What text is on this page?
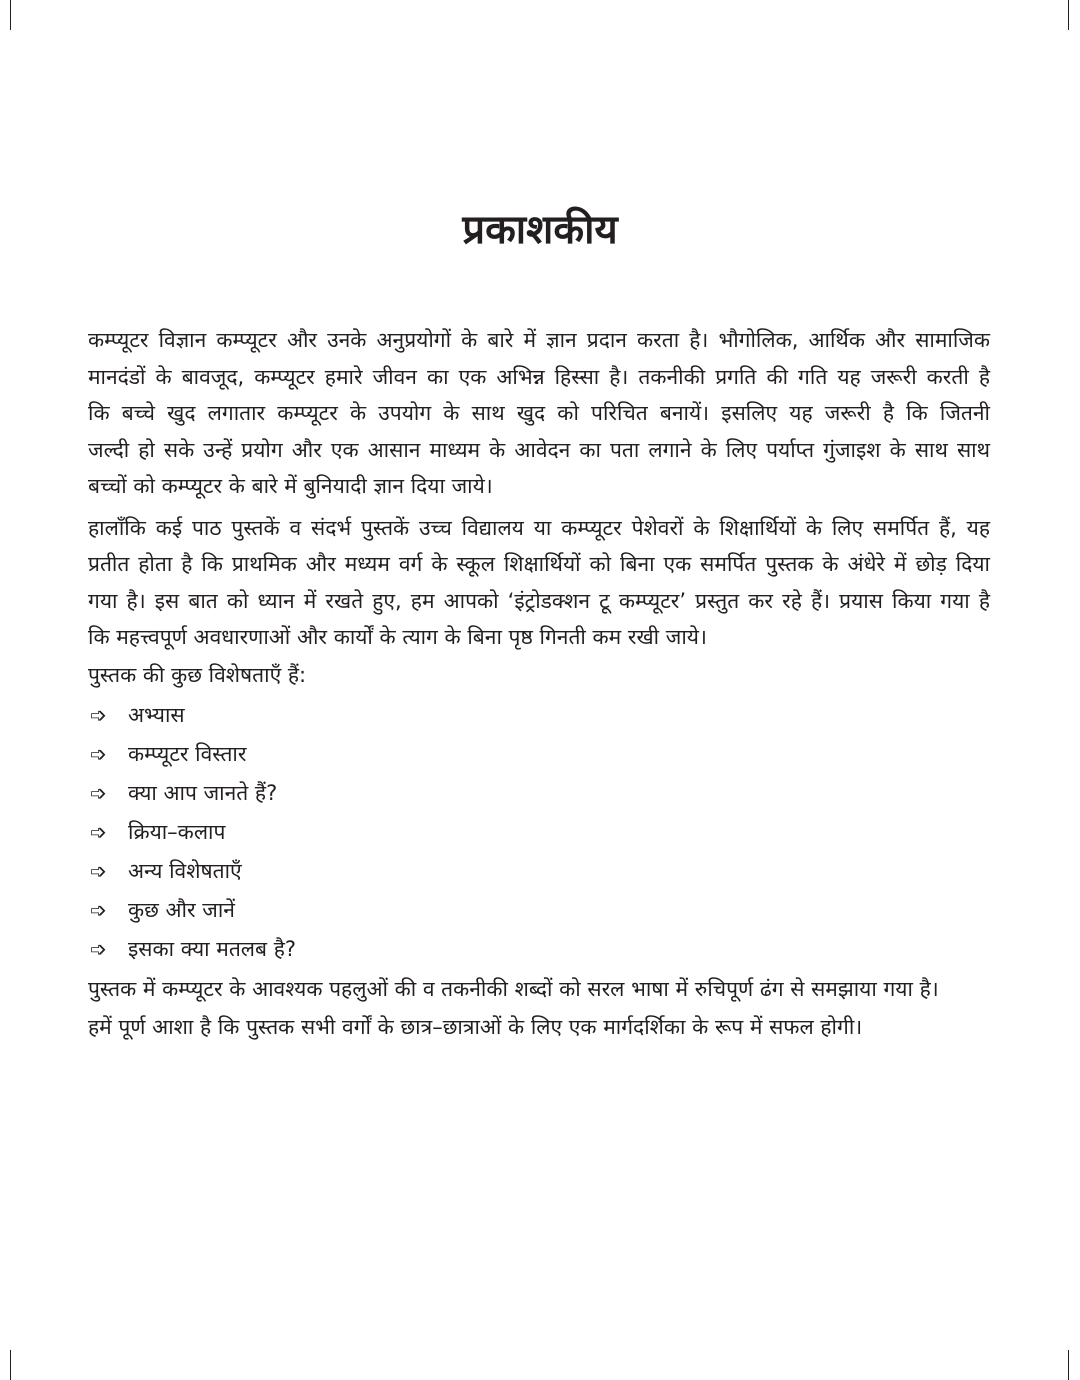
प्रकाशकीय
कम्प्यूटर विज्ञान कम्प्यूटर और उनके अनुप्रयोगों के बारे में ज्ञान प्रदान करता है। भौगोलिक, आर्थिक और सामाजिक
मानदंडों के बावजूद, कम्प्यूटर हमारे जीवन का एक अभिन्न हिस्सा है। तकनीकी प्रगति की गति यह जरूरी करती है
कि बच्चे खुद लगातार कम्प्यूटर के उपयोग के साथ खुद को परिचित बनायें। इसलिए यह जरूरी है कि जितनी
जल्दी हो सके उन्हें प्रयोग और एक आसान माध्यम के आवेदन का पता लगाने के लिए पर्याप्त गुंजाइश के साथ साथ
बच्चों को कम्प्यूटर के बारे में बुनियादी ज्ञान दिया जाये।
हालाँकि कई पाठ पुस्तकें व संदर्भ पुस्तकें उच्च विद्यालय या कम्प्यूटर पेशेवरों के शिक्षार्थियों के लिए समर्पित हैं, यह
प्रतीत होता है कि प्राथमिक और मध्यम वर्ग के स्कूल शिक्षार्थियों को बिना एक समर्पित पुस्तक के अंधेरे में छोड़ दिया
गया है। इस बात को ध्यान में रखते हुए, हम आपको ‘इंट्रोडक्शन टू कम्प्यूटर’ प्रस्तुत कर रहे हैं। प्रयास किया गया है
कि महत्त्वपूर्ण अवधारणाओं और कार्यों के त्याग के बिना पृष्ठ गिनती कम रखी जाये।
पुस्तक की कुछ विशेषताएँ हैं:
➩ अभ्यास
➩ कम्प्यूटर विस्तार
➩ क्या आप जानते हैं?
➩ क्रिया–कलाप
➩ अन्य विशेषताएँ
➩ कुछ और जानें
➩ इसका क्या मतलब है?
पुस्तक में कम्प्यूटर के आवश्यक पहलुओं की व तकनीकी शब्दों को सरल भाषा में रुचिपूर्ण ढंग से समझाया गया है।
हमें पूर्ण आशा है कि पुस्तक सभी वर्गों के छात्र–छात्राओं के लिए एक मार्गदर्शिका के रूप में सफल होगी।
